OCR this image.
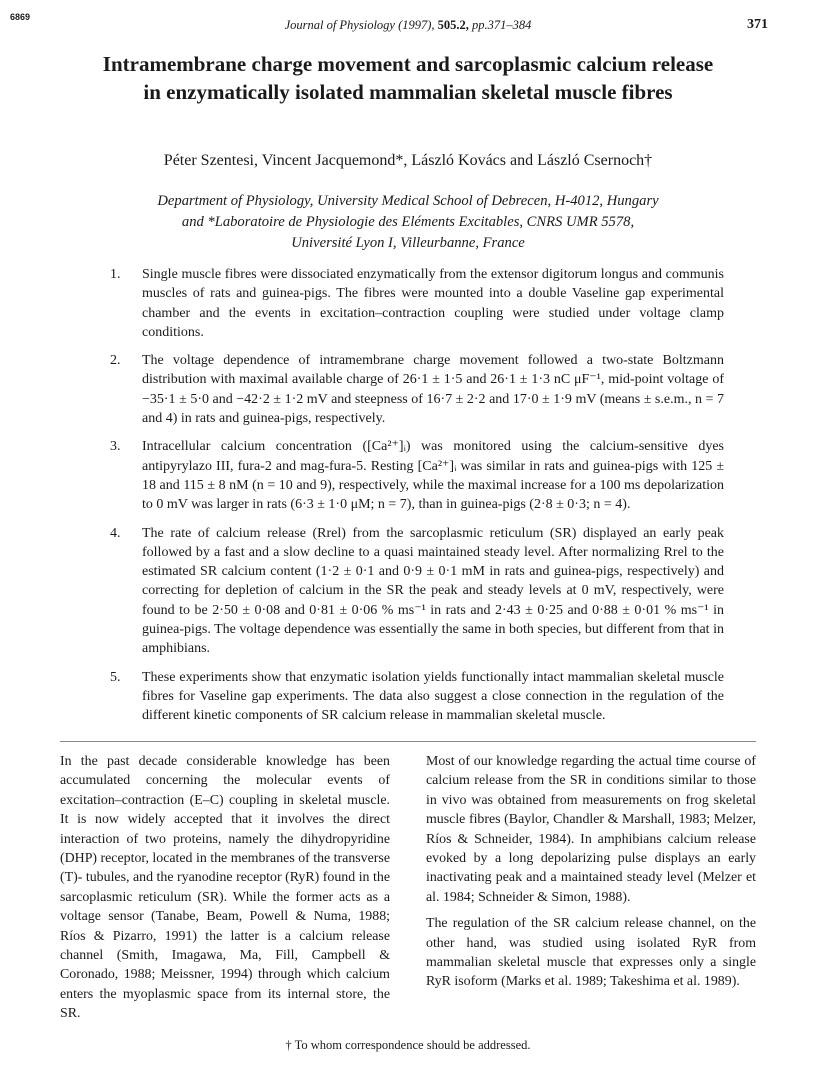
6869
Journal of Physiology (1997), 505.2, pp.371–384	371
Intramembrane charge movement and sarcoplasmic calcium release in enzymatically isolated mammalian skeletal muscle fibres
Péter Szentesi, Vincent Jacquemond*, László Kovács and László Csernoch†
Department of Physiology, University Medical School of Debrecen, H-4012, Hungary
and *Laboratoire de Physiologie des Eléments Excitables, CNRS UMR 5578,
Université Lyon I, Villeurbanne, France
1. Single muscle fibres were dissociated enzymatically from the extensor digitorum longus and communis muscles of rats and guinea-pigs. The fibres were mounted into a double Vaseline gap experimental chamber and the events in excitation–contraction coupling were studied under voltage clamp conditions.
2. The voltage dependence of intramembrane charge movement followed a two-state Boltzmann distribution with maximal available charge of 26·1 ± 1·5 and 26·1 ± 1·3 nC μF⁻¹, mid-point voltage of −35·1 ± 5·0 and −42·2 ± 1·2 mV and steepness of 16·7 ± 2·2 and 17·0 ± 1·9 mV (means ± s.e.m., n = 7 and 4) in rats and guinea-pigs, respectively.
3. Intracellular calcium concentration ([Ca²⁺]ᵢ) was monitored using the calcium-sensitive dyes antipyrylazo III, fura-2 and mag-fura-5. Resting [Ca²⁺]ᵢ was similar in rats and guinea-pigs with 125 ± 18 and 115 ± 8 nM (n = 10 and 9), respectively, while the maximal increase for a 100 ms depolarization to 0 mV was larger in rats (6·3 ± 1·0 μM; n = 7), than in guinea-pigs (2·8 ± 0·3; n = 4).
4. The rate of calcium release (Rrel) from the sarcoplasmic reticulum (SR) displayed an early peak followed by a fast and a slow decline to a quasi maintained steady level. After normalizing Rrel to the estimated SR calcium content (1·2 ± 0·1 and 0·9 ± 0·1 mM in rats and guinea-pigs, respectively) and correcting for depletion of calcium in the SR the peak and steady levels at 0 mV, respectively, were found to be 2·50 ± 0·08 and 0·81 ± 0·06 % ms⁻¹ in rats and 2·43 ± 0·25 and 0·88 ± 0·01 % ms⁻¹ in guinea-pigs. The voltage dependence was essentially the same in both species, but different from that in amphibians.
5. These experiments show that enzymatic isolation yields functionally intact mammalian skeletal muscle fibres for Vaseline gap experiments. The data also suggest a close connection in the regulation of the different kinetic components of SR calcium release in mammalian skeletal muscle.

In the past decade considerable knowledge has been accumulated concerning the molecular events of excitation–contraction (E–C) coupling in skeletal muscle. It is now widely accepted that it involves the direct interaction of two proteins, namely the dihydropyridine (DHP) receptor, located in the membranes of the transverse (T)- tubules, and the ryanodine receptor (RyR) found in the sarcoplasmic reticulum (SR). While the former acts as a voltage sensor (Tanabe, Beam, Powell & Numa, 1988; Ríos & Pizarro, 1991) the latter is a calcium release channel (Smith, Imagawa, Ma, Fill, Campbell & Coronado, 1988; Meissner, 1994) through which calcium enters the myoplasmic space from its internal store, the SR.

Most of our knowledge regarding the actual time course of calcium release from the SR in conditions similar to those in vivo was obtained from measurements on frog skeletal muscle fibres (Baylor, Chandler & Marshall, 1983; Melzer, Ríos & Schneider, 1984). In amphibians calcium release evoked by a long depolarizing pulse displays an early inactivating peak and a maintained steady level (Melzer et al. 1984; Schneider & Simon, 1988).

The regulation of the SR calcium release channel, on the other hand, was studied using isolated RyR from mammalian skeletal muscle that expresses only a single RyR isoform (Marks et al. 1989; Takeshima et al. 1989).

† To whom correspondence should be addressed.
